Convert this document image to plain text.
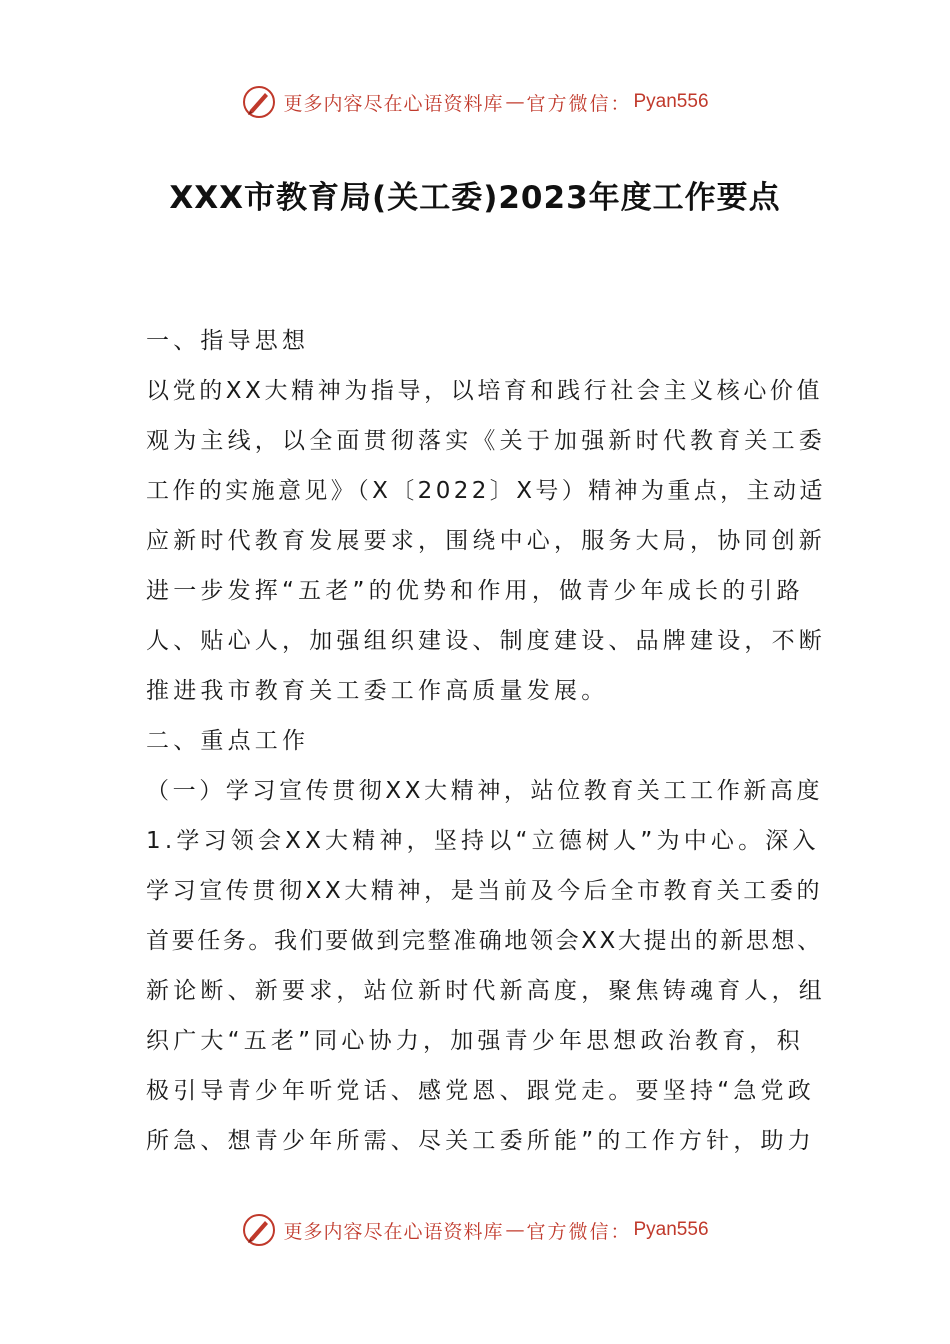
更多内容尽在心语资料库 — 官方微信： Pyan556
XXX市教育局(关工委)2023年度工作要点
一、指导思想
以党的XX大精神为指导，以培育和践行社会主义核心价值
观为主线，以全面贯彻落实《关于加强新时代教育关工委
工作的实施意见》（X〔2022〕X号）精神为重点，主动适
应新时代教育发展要求，围绕中心，服务大局，协同创新
进一步发挥“五老”的优势和作用，做青少年成长的引路
人、贴心人，加强组织建设、制度建设、品牌建设，不断
推进我市教育关工委工作高质量发展。
二、重点工作
（一）学习宣传贯彻XX大精神，站位教育关工工作新高度
1.学习领会XX大精神，坚持以“立德树人”为中心。深入
学习宣传贯彻XX大精神，是当前及今后全市教育关工委的
首要任务。我们要做到完整准确地领会XX大提出的新思想、
新论断、新要求，站位新时代新高度，聚焦铸魂育人，组
织广大“五老”同心协力，加强青少年思想政治教育，积
极引导青少年听党话、感党恩、跟党走。要坚持“急党政
所急、想青少年所需、尽关工委所能”的工作方针，助力
更多内容尽在心语资料库 — 官方微信： Pyan556
